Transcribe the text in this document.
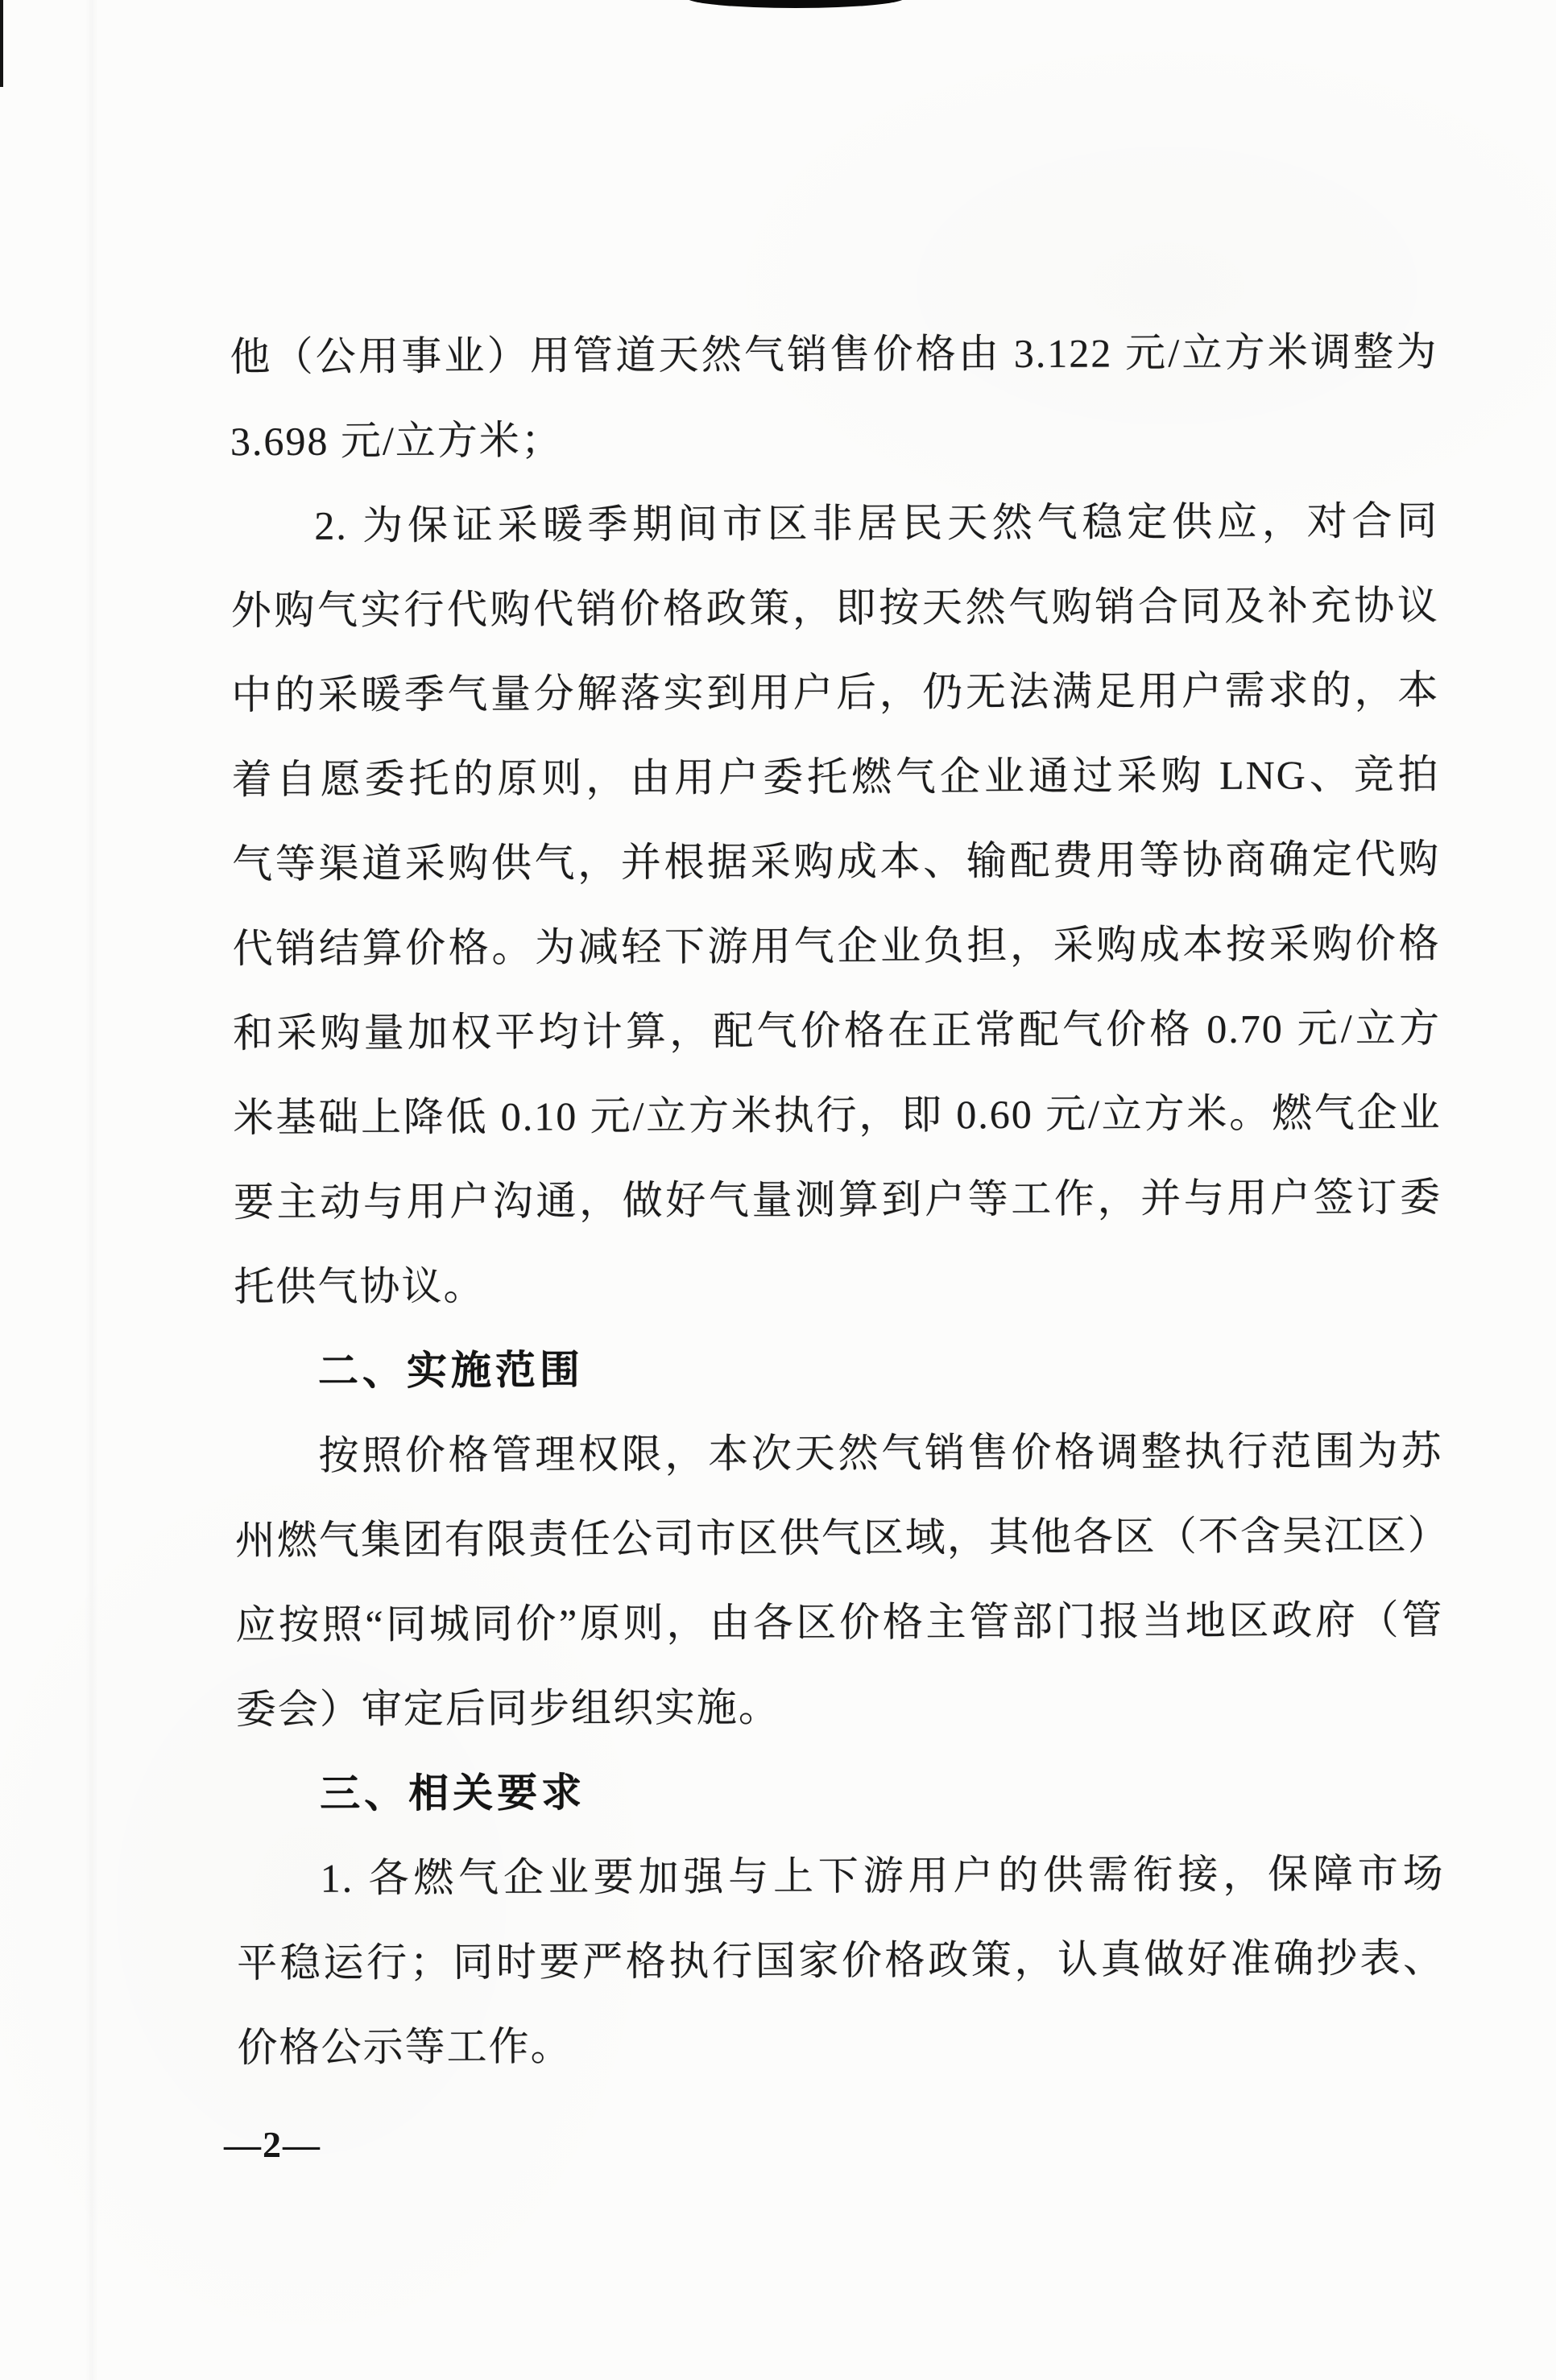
他（公用事业）用管道天然气销售价格由 3.122 元/立方米调整为
3.698 元/立方米；
2. 为保证采暖季期间市区非居民天然气稳定供应，对合同
外购气实行代购代销价格政策，即按天然气购销合同及补充协议
中的采暖季气量分解落实到用户后，仍无法满足用户需求的，本
着自愿委托的原则，由用户委托燃气企业通过采购 LNG、竞拍
气等渠道采购供气，并根据采购成本、输配费用等协商确定代购
代销结算价格。为减轻下游用气企业负担，采购成本按采购价格
和采购量加权平均计算，配气价格在正常配气价格 0.70 元/立方
米基础上降低 0.10 元/立方米执行，即 0.60 元/立方米。燃气企业
要主动与用户沟通，做好气量测算到户等工作，并与用户签订委
托供气协议。
二、实施范围
按照价格管理权限，本次天然气销售价格调整执行范围为苏
州燃气集团有限责任公司市区供气区域，其他各区（不含吴江区）
应按照“同城同价”原则，由各区价格主管部门报当地区政府（管
委会）审定后同步组织实施。
三、相关要求
1. 各燃气企业要加强与上下游用户的供需衔接，保障市场
平稳运行；同时要严格执行国家价格政策，认真做好准确抄表、
价格公示等工作。
—2—
